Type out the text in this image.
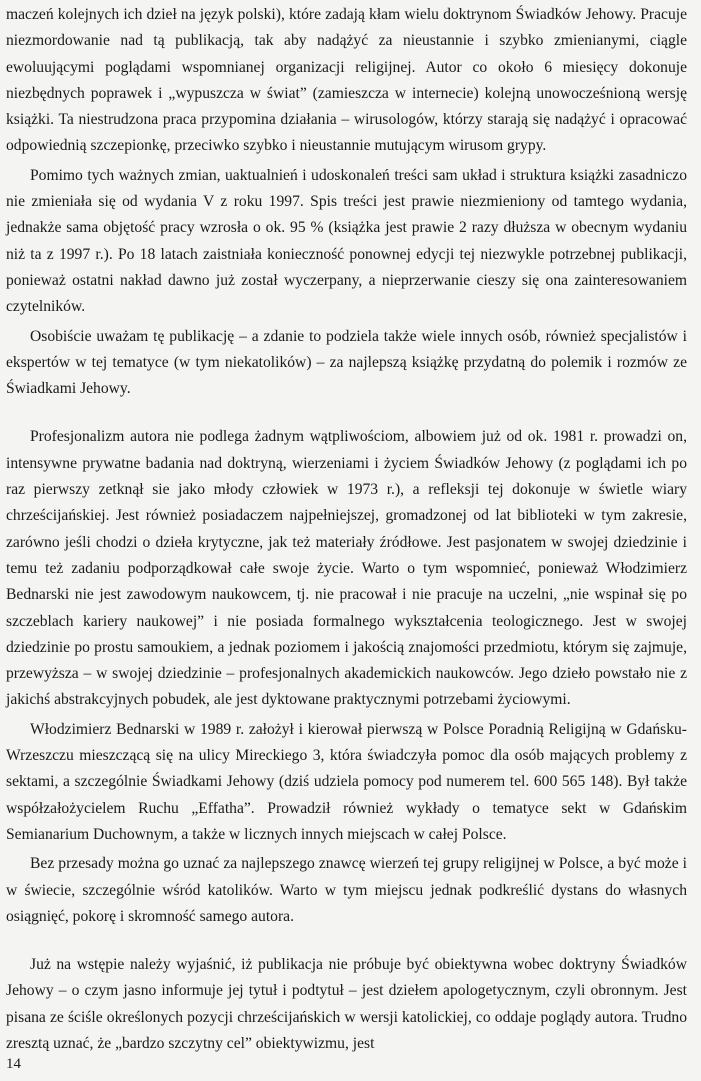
maczeń kolejnych ich dzieł na język polski), które zadają kłam wielu doktrynom Świadków Jehowy. Pracuje niezmordowanie nad tą publikacją, tak aby nadążyć za nieustannie i szybko zmienianymi, ciągle ewoluującymi poglądami wspomnianej organizacji religijnej. Autor co około 6 miesięcy dokonuje niezbędnych poprawek i „wypuszcza w świat” (zamieszcza w internecie) kolejną unowocześnioną wersję książki. Ta niestrudzona praca przypomina działania – wirusologów, którzy starają się nadążyć i opracować odpowiednią szczepionkę, przeciwko szybko i nieustannie mutującym wirusom grypy.

Pomimo tych ważnych zmian, uaktualnień i udoskonaleń treści sam układ i struktura książki zasadniczo nie zmieniała się od wydania V z roku 1997. Spis treści jest prawie niezmieniony od tamtego wydania, jednakże sama objętość pracy wzrosła o ok. 95 % (książka jest prawie 2 razy dłuższa w obecnym wydaniu niż ta z 1997 r.). Po 18 latach zaistniała konieczność ponownej edycji tej niezwykle potrzebnej publikacji, ponieważ ostatni nakład dawno już został wyczerpany, a nieprzerwanie cieszy się ona zainteresowaniem czytelników.

Osobiście uważam tę publikację – a zdanie to podziela także wiele innych osób, również specjalistów i ekspertów w tej tematyce (w tym niekatolików) – za najlepszą książkę przydatną do polemik i rozmów ze Świadkami Jehowy.

Profesjonalizm autora nie podlega żadnym wątpliwościom, albowiem już od ok. 1981 r. prowadzi on, intensywne prywatne badania nad doktryną, wierzeniami i życiem Świadków Jehowy (z poglądami ich po raz pierwszy zetknął sie jako młody człowiek w 1973 r.), a refleksji tej dokonuje w świetle wiary chrześcijańskiej. Jest również posiadaczem najpełniejszej, gromadzonej od lat biblioteki w tym zakresie, zarówno jeśli chodzi o dzieła krytyczne, jak też materiały źródłowe. Jest pasjonatem w swojej dziedzinie i temu też zadaniu podporządkował całe swoje życie. Warto o tym wspomnieć, ponieważ Włodzimierz Bednarski nie jest zawodowym naukowcem, tj. nie pracował i nie pracuje na uczelni, „nie wspinał się po szczeblach kariery naukowej” i nie posiada formalnego wykształcenia teologicznego. Jest w swojej dziedzinie po prostu samoukiem, a jednak poziomem i jakością znajomości przedmiotu, którym się zajmuje, przewyższa – w swojej dziedzinie – profesjonalnych akademickich naukowców. Jego dzieło powstało nie z jakichś abstrakcyjnych pobudek, ale jest dyktowane praktycznymi potrzebami życiowymi.

Włodzimierz Bednarski w 1989 r. założył i kierował pierwszą w Polsce Poradnią Religijną w Gdańsku-Wrzeszczu mieszczącą się na ulicy Mireckiego 3, która świadczyła pomoc dla osób mających problemy z sektami, a szczególnie Świadkami Jehowy (dziś udziela pomocy pod numerem tel. 600 565 148). Był także współzałożycielem Ruchu „Effatha”. Prowadził również wykłady o tematyce sekt w Gdańskim Semianarium Duchownym, a także w licznych innych miejscach w całej Polsce.

Bez przesady można go uznać za najlepszego znawcę wierzeń tej grupy religijnej w Polsce, a być może i w świecie, szczególnie wśród katolików. Warto w tym miejscu jednak podkreślić dystans do własnych osiągnięć, pokorę i skromność samego autora.

Już na wstępie należy wyjaśnić, iż publikacja nie próbuje być obiektywna wobec doktryny Świadków Jehowy – o czym jasno informuje jej tytuł i podtytuł – jest dziełem apologetycznym, czyli obronnym. Jest pisana ze ściśle określonych pozycji chrześcijańskich w wersji katolickiej, co oddaje poglądy autora. Trudno zresztą uznać, że „bardzo szczytny cel” obiektywizmu, jest

14
